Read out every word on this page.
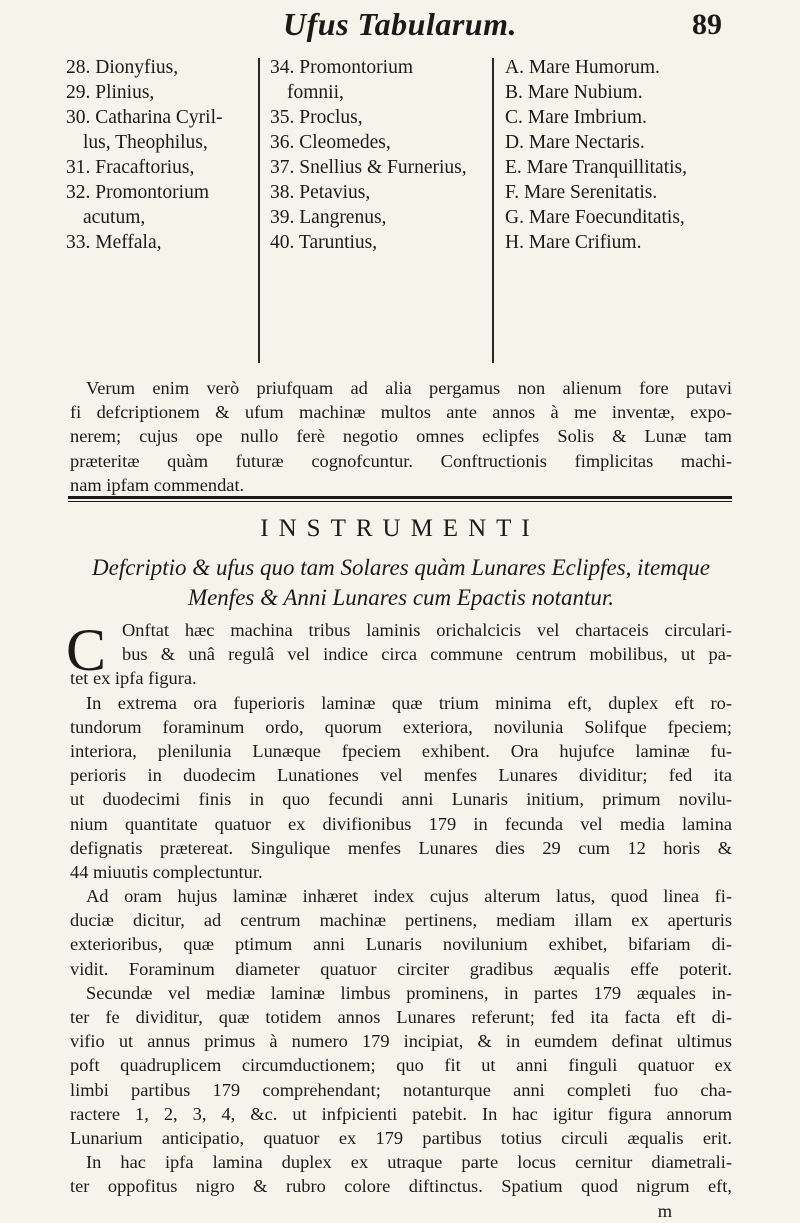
Ufus Tabularum.	89
28. Dionyfius,
29. Plinius,
30. Catharina Cyril-
lus, Theophilus,
31. Fracaftorius,
32. Promontorium
acutum,
33. Meffala,
34. Promontorium
fomnii,
35. Proclus,
36. Cleomedes,
37. Snellius & Furnerius,
38. Petavius,
39. Langrenus,
40. Taruntius,
A. Mare Humorum.
B. Mare Nubium.
C. Mare Imbrium.
D. Mare Nectaris.
E. Mare Tranquillitatis,
F. Mare Serenitatis.
G. Mare Foecunditatis,
H. Mare Crifium.
Verum enim verò priufquam ad alia pergamus non alienum fore putavi
fi defcriptionem & ufum machinæ multos ante annos à me inventæ, expo-
nerem; cujus ope nullo ferè negotio omnes eclipfes Solis & Lunæ tam
præteritæ quàm futuræ cognofcuntur. Conftructionis fimplicitas machi-
nam ipfam commendat.
INSTRUMENTI
Defcriptio & ufus quo tam Solares quàm Lunares Eclipfes, itemque
Menfes & Anni Lunares cum Epactis notantur.
C Onftat hæc machina tribus laminis orichalcicis vel chartaceis circulari-
bus & unâ regulâ vel indice circa commune centrum mobilibus, ut pa-
tet ex ipfa figura.
In extrema ora fuperioris laminæ quæ trium minima eft, duplex eft ro-
tundorum foraminum ordo, quorum exteriora, novilunia Solifque fpeciem;
interiora, plenilunia Lunæque fpeciem exhibent. Ora hujufce laminæ fu-
perioris in duodecim Lunationes vel menfes Lunares dividitur; fed ita
ut duodecimi finis in quo fecundi anni Lunaris initium, primum novilu-
nium quantitate quatuor ex divifionibus 179 in fecunda vel media lamina
defignatis prætereat. Singulique menfes Lunares dies 29 cum 12 horis &
44 miuutis complectuntur.
Ad oram hujus laminæ inhæret index cujus alterum latus, quod linea fi-
duciæ dicitur, ad centrum machinæ pertinens, mediam illam ex aperturis
exterioribus, quæ ptimum anni Lunaris novilunium exhibet, bifariam di-
vidit. Foraminum diameter quatuor circiter gradibus æqualis effe poterit.
Secundæ vel mediæ laminæ limbus prominens, in partes 179 æquales in-
ter fe dividitur, quæ totidem annos Lunares referunt; fed ita facta eft di-
vifio ut annus primus à numero 179 incipiat, & in eumdem definat ultimus
poft quadruplicem circumductionem; quo fit ut anni finguli quatuor ex
limbi partibus 179 comprehendant; notanturque anni completi fuo cha-
ractere 1, 2, 3, 4, &c. ut infpicienti patebit. In hac igitur figura annorum
Lunarium anticipatio, quatuor ex 179 partibus totius circuli æqualis erit.
In hac ipfa lamina duplex ex utraque parte locus cernitur diametrali-
ter oppofitus nigro & rubro colore diftinctus. Spatium quod nigrum eft,
m
